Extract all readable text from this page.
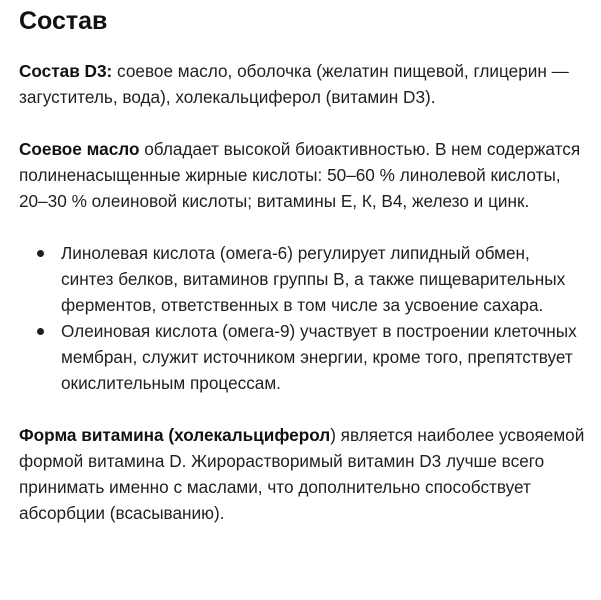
Состав

Состав D3: соевое масло, оболочка (желатин пищевой, глицерин — загуститель, вода), холекальциферол (витамин D3).

Соевое масло обладает высокой биоактивностью. В нем содержатся полиненасыщенные жирные кислоты: 50–60 % линолевой кислоты, 20–30 % олеиновой кислоты; витамины Е, К, В4, железо и цинк.

Линолевая кислота (омега-6) регулирует липидный обмен, синтез белков, витаминов группы В, а также пищеварительных ферментов, ответственных в том числе за усвоение сахара.
Олеиновая кислота (омега-9) участвует в построении клеточных мембран, служит источником энергии, кроме того, препятствует окислительным процессам.

Форма витамина (холекальциферол) является наиболее усвояемой формой витамина D. Жирорастворимый витамин D3 лучше всего принимать именно с маслами, что дополнительно способствует абсорбции (всасыванию).
